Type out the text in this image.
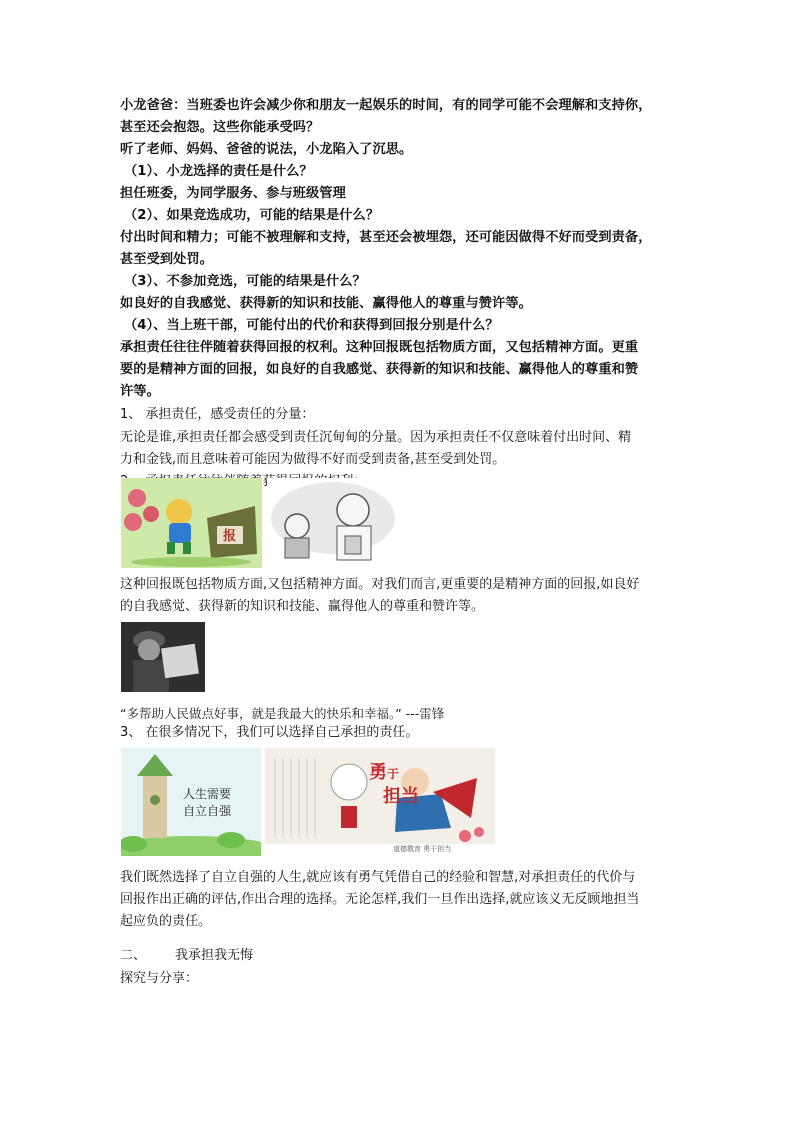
小龙爸爸：当班委也许会减少你和朋友一起娱乐的时间，有的同学可能不会理解和支持你，
甚至还会抱怨。这些你能承受吗？
听了老师、妈妈、爸爸的说法，小龙陷入了沉思。
（1）、小龙选择的责任是什么？
担任班委，为同学服务、参与班级管理
（2）、如果竞选成功，可能的结果是什么？
付出时间和精力；可能不被理解和支持，甚至还会被埋怨，还可能因做得不好而受到责备，
甚至受到处罚。
（3）、不参加竞选，可能的结果是什么？
如良好的自我感觉、获得新的知识和技能、赢得他人的尊重与赞许等。
（4）、当上班干部，可能付出的代价和获得到回报分别是什么？
承担责任往往伴随着获得回报的权利。这种回报既包括物质方面，又包括精神方面。更重
要的是精神方面的回报，如良好的自我感觉、获得新的知识和技能、赢得他人的尊重和赞
许等。
1、 承担责任，感受责任的分量：
无论是谁,承担责任都会感受到责任沉甸甸的分量。因为承担责任不仅意味着付出时间、精
力和金钱,而且意味着可能因为做得不好而受到责备,甚至受到处罚。
报
这种回报既包括物质方面,又包括精神方面。对我们而言,更重要的是精神方面的回报,如良好
的自我感觉、获得新的知识和技能、赢得他人的尊重和赞许等。
“多帮助人民做点好事，就是我最大的快乐和幸福。” ---雷锋
3、 在很多情况下，我们可以选择自己承担的责任。
人生需要
自立自强
勇于
担当
道德教育 勇于担当
我们既然选择了自立自强的人生,就应该有勇气凭借自己的经验和智慧,对承担责任的代价与
回报作出正确的评估,作出合理的选择。无论怎样,我们一旦作出选择,就应该义无反顾地担当
起应负的责任。
二、 我承担我无悔
探究与分享：
